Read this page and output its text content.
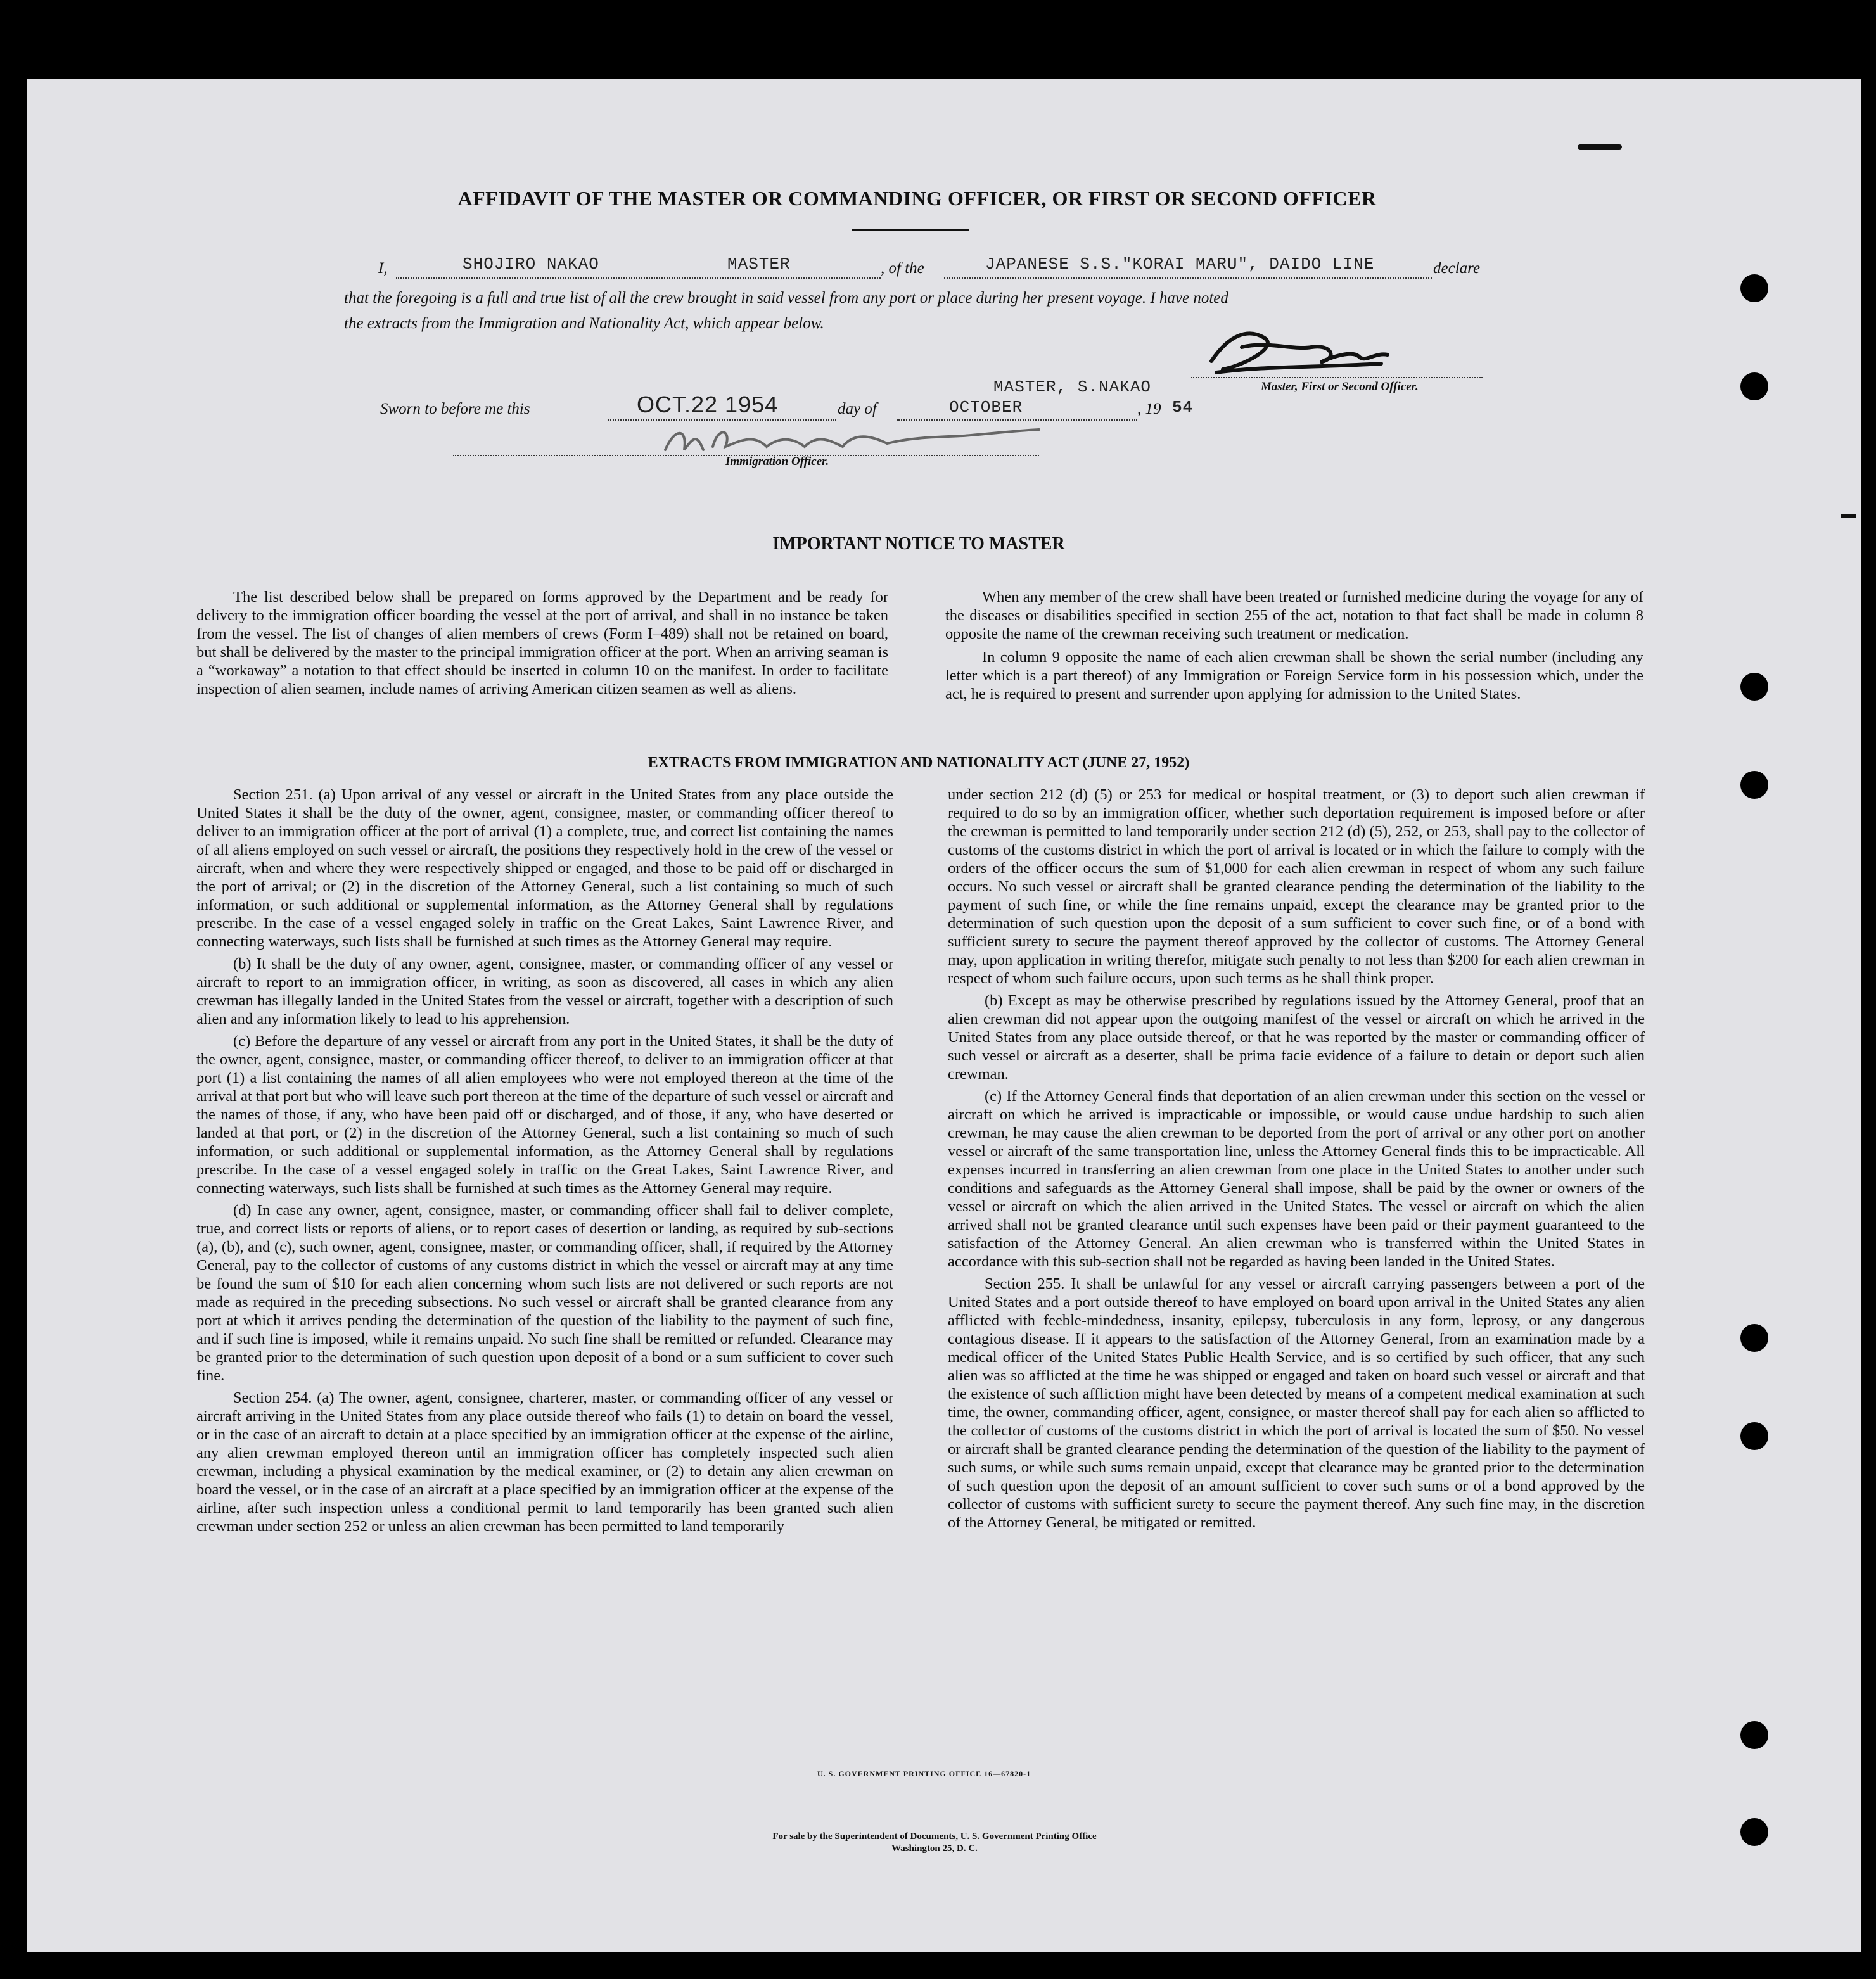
AFFIDAVIT OF THE MASTER OR COMMANDING OFFICER, OR FIRST OR SECOND OFFICER
I,	SHOJIRO NAKAO	MASTER	, of the	JAPANESE S.S."KORAI MARU", DAIDO LINE	declare
that the foregoing is a full and true list of all the crew brought in said vessel from any port or place during her present voyage. I have noted
the extracts from the Immigration and Nationality Act, which appear below.
MASTER, S.NAKAO	Master, First or Second Officer.
Sworn to before me this	OCT.22 1954	day of	OCTOBER	, 19 54
Immigration Officer.
IMPORTANT NOTICE TO MASTER

The list described below shall be prepared on forms approved by the Department and be ready for delivery to the immigration officer boarding the vessel at the port of arrival, and shall in no instance be taken from the vessel. The list of changes of alien members of crews (Form I–489) shall not be retained on board, but shall be delivered by the master to the principal immigration officer at the port. When an arriving seaman is a “workaway” a notation to that effect should be inserted in column 10 on the manifest. In order to facilitate inspection of alien seamen, include names of arriving American citizen seamen as well as aliens.

When any member of the crew shall have been treated or furnished medicine during the voyage for any of the diseases or disabilities specified in section 255 of the act, notation to that fact shall be made in column 8 opposite the name of the crewman receiving such treatment or medication.

In column 9 opposite the name of each alien crewman shall be shown the serial number (including any letter which is a part thereof) of any Immigration or Foreign Service form in his possession which, under the act, he is required to present and surrender upon applying for admission to the United States.

EXTRACTS FROM IMMIGRATION AND NATIONALITY ACT (JUNE 27, 1952)

Section 251. (a) Upon arrival of any vessel or aircraft in the United States from any place outside the United States it shall be the duty of the owner, agent, consignee, master, or commanding officer thereof to deliver to an immigration officer at the port of arrival (1) a complete, true, and correct list containing the names of all aliens employed on such vessel or aircraft, the positions they respectively hold in the crew of the vessel or aircraft, when and where they were respectively shipped or engaged, and those to be paid off or discharged in the port of arrival; or (2) in the discretion of the Attorney General, such a list containing so much of such information, or such additional or supplemental information, as the Attorney General shall by regulations prescribe. In the case of a vessel engaged solely in traffic on the Great Lakes, Saint Lawrence River, and connecting waterways, such lists shall be furnished at such times as the Attorney General may require.

(b) It shall be the duty of any owner, agent, consignee, master, or commanding officer of any vessel or aircraft to report to an immigration officer, in writing, as soon as discovered, all cases in which any alien crewman has illegally landed in the United States from the vessel or aircraft, together with a description of such alien and any information likely to lead to his apprehension.

(c) Before the departure of any vessel or aircraft from any port in the United States, it shall be the duty of the owner, agent, consignee, master, or commanding officer thereof, to deliver to an immigration officer at that port (1) a list containing the names of all alien employees who were not employed thereon at the time of the arrival at that port but who will leave such port thereon at the time of the departure of such vessel or aircraft and the names of those, if any, who have been paid off or discharged, and of those, if any, who have deserted or landed at that port, or (2) in the discretion of the Attorney General, such a list containing so much of such information, or such additional or supplemental information, as the Attorney General shall by regulations prescribe. In the case of a vessel engaged solely in traffic on the Great Lakes, Saint Lawrence River, and connecting waterways, such lists shall be furnished at such times as the Attorney General may require.

(d) In case any owner, agent, consignee, master, or commanding officer shall fail to deliver complete, true, and correct lists or reports of aliens, or to report cases of desertion or landing, as required by sub-sections (a), (b), and (c), such owner, agent, consignee, master, or commanding officer, shall, if required by the Attorney General, pay to the collector of customs of any customs district in which the vessel or aircraft may at any time be found the sum of $10 for each alien concerning whom such lists are not delivered or such reports are not made as required in the preceding subsections. No such vessel or aircraft shall be granted clearance from any port at which it arrives pending the determination of the question of the liability to the payment of such fine, and if such fine is imposed, while it remains unpaid. No such fine shall be remitted or refunded. Clearance may be granted prior to the determination of such question upon deposit of a bond or a sum sufficient to cover such fine.

Section 254. (a) The owner, agent, consignee, charterer, master, or commanding officer of any vessel or aircraft arriving in the United States from any place outside thereof who fails (1) to detain on board the vessel, or in the case of an aircraft to detain at a place specified by an immigration officer at the expense of the airline, any alien crewman employed thereon until an immigration officer has completely inspected such alien crewman, including a physical examination by the medical examiner, or (2) to detain any alien crewman on board the vessel, or in the case of an aircraft at a place specified by an immigration officer at the expense of the airline, after such inspection unless a conditional permit to land temporarily has been granted such alien crewman under section 252 or unless an alien crewman has been permitted to land temporarily

under section 212 (d) (5) or 253 for medical or hospital treatment, or (3) to deport such alien crewman if required to do so by an immigration officer, whether such deportation requirement is imposed before or after the crewman is permitted to land temporarily under section 212 (d) (5), 252, or 253, shall pay to the collector of customs of the customs district in which the port of arrival is located or in which the failure to comply with the orders of the officer occurs the sum of $1,000 for each alien crewman in respect of whom any such failure occurs. No such vessel or aircraft shall be granted clearance pending the determination of the liability to the payment of such fine, or while the fine remains unpaid, except the clearance may be granted prior to the determination of such question upon the deposit of a sum sufficient to cover such fine, or of a bond with sufficient surety to secure the payment thereof approved by the collector of customs. The Attorney General may, upon application in writing therefor, mitigate such penalty to not less than $200 for each alien crewman in respect of whom such failure occurs, upon such terms as he shall think proper.

(b) Except as may be otherwise prescribed by regulations issued by the Attorney General, proof that an alien crewman did not appear upon the outgoing manifest of the vessel or aircraft on which he arrived in the United States from any place outside thereof, or that he was reported by the master or commanding officer of such vessel or aircraft as a deserter, shall be prima facie evidence of a failure to detain or deport such alien crewman.

(c) If the Attorney General finds that deportation of an alien crewman under this section on the vessel or aircraft on which he arrived is impracticable or impossible, or would cause undue hardship to such alien crewman, he may cause the alien crewman to be deported from the port of arrival or any other port on another vessel or aircraft of the same transportation line, unless the Attorney General finds this to be impracticable. All expenses incurred in transferring an alien crewman from one place in the United States to another under such conditions and safeguards as the Attorney General shall impose, shall be paid by the owner or owners of the vessel or aircraft on which the alien arrived in the United States. The vessel or aircraft on which the alien arrived shall not be granted clearance until such expenses have been paid or their payment guaranteed to the satisfaction of the Attorney General. An alien crewman who is transferred within the United States in accordance with this sub-section shall not be regarded as having been landed in the United States.

Section 255. It shall be unlawful for any vessel or aircraft carrying passengers between a port of the United States and a port outside thereof to have employed on board upon arrival in the United States any alien afflicted with feeble-mindedness, insanity, epilepsy, tuberculosis in any form, leprosy, or any dangerous contagious disease. If it appears to the satisfaction of the Attorney General, from an examination made by a medical officer of the United States Public Health Service, and is so certified by such officer, that any such alien was so afflicted at the time he was shipped or engaged and taken on board such vessel or aircraft and that the existence of such affliction might have been detected by means of a competent medical examination at such time, the owner, commanding officer, agent, consignee, or master thereof shall pay for each alien so afflicted to the collector of customs of the customs district in which the port of arrival is located the sum of $50. No vessel or aircraft shall be granted clearance pending the determination of the question of the liability to the payment of such sums, or while such sums remain unpaid, except that clearance may be granted prior to the determination of such question upon the deposit of an amount sufficient to cover such sums or of a bond approved by the collector of customs with sufficient surety to secure the payment thereof. Any such fine may, in the discretion of the Attorney General, be mitigated or remitted.

U. S. GOVERNMENT PRINTING OFFICE 16—67820-1
For sale by the Superintendent of Documents, U. S. Government Printing Office
Washington 25, D. C.
